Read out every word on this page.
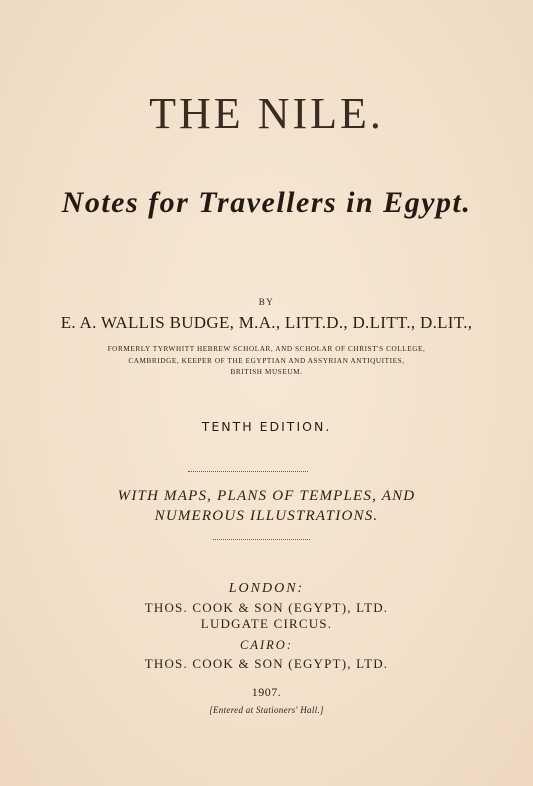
THE NILE.
Notes for Travellers in Egypt.
BY
E. A. WALLIS BUDGE, M.A., LITT.D., D.LITT., D.LIT.,
FORMERLY TYRWHITT HEBREW SCHOLAR, AND SCHOLAR OF CHRIST'S COLLEGE,
CAMBRIDGE, KEEPER OF THE EGYPTIAN AND ASSYRIAN ANTIQUITIES,
BRITISH MUSEUM.
TENTH EDITION.
WITH MAPS, PLANS OF TEMPLES, AND
NUMEROUS ILLUSTRATIONS.
LONDON:
THOS. COOK & SON (EGYPT), LTD.
LUDGATE CIRCUS.
CAIRO:
THOS. COOK & SON (EGYPT), LTD.
1907.
[Entered at Stationers' Hall.]
